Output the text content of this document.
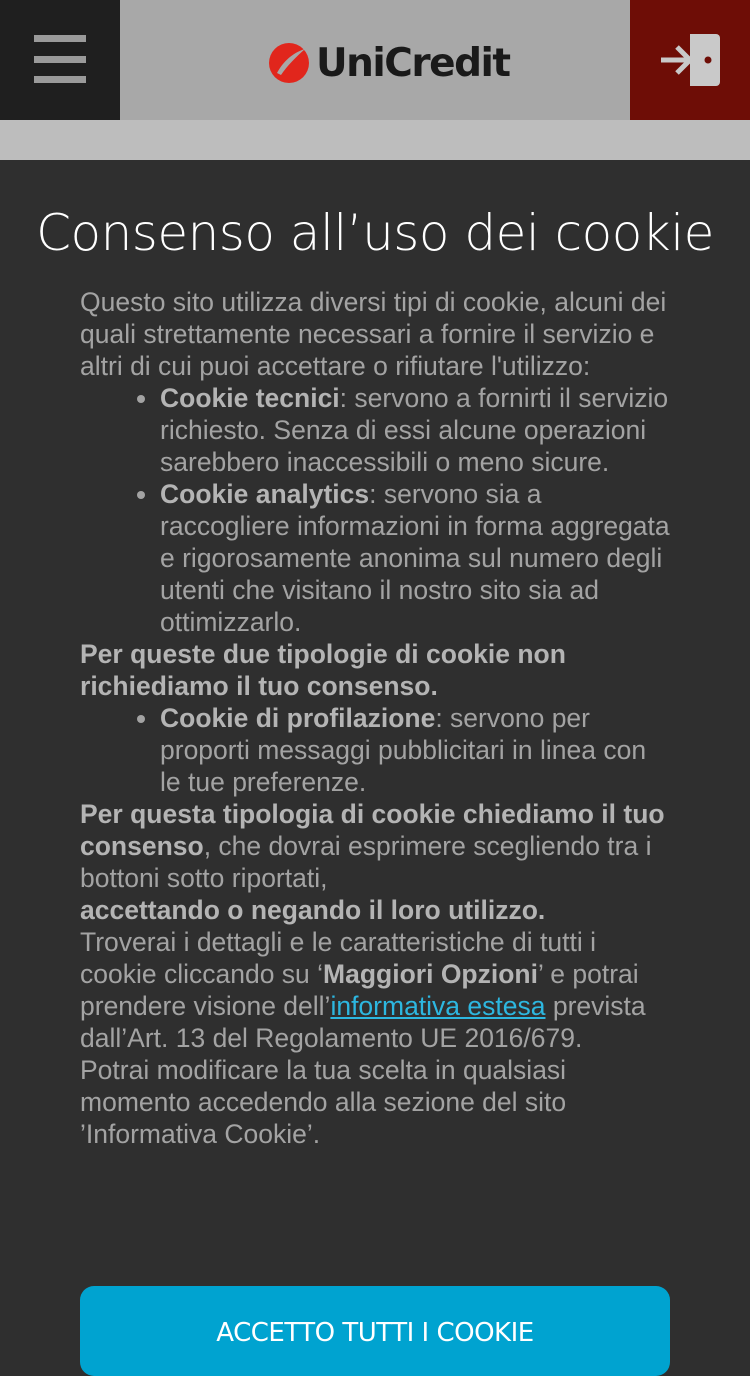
UniCredit
Consenso all’uso dei cookie

Questo sito utilizza diversi tipi di cookie, alcuni dei quali strettamente necessari a fornire il servizio e altri di cui puoi accettare o rifiutare l'utilizzo:

• Cookie tecnici: servono a fornirti il servizio richiesto. Senza di essi alcune operazioni sarebbero inaccessibili o meno sicure.
• Cookie analytics: servono sia a raccogliere informazioni in forma aggregata e rigorosamente anonima sul numero degli utenti che visitano il nostro sito sia ad ottimizzarlo.

Per queste due tipologie di cookie non richiediamo il tuo consenso.

• Cookie di profilazione: servono per proporti messaggi pubblicitari in linea con le tue preferenze.

Per questa tipologia di cookie chiediamo il tuo consenso, che dovrai esprimere scegliendo tra i bottoni sotto riportati,
accettando o negando il loro utilizzo.
Troverai i dettagli e le caratteristiche di tutti i cookie cliccando su ‘Maggiori Opzioni’ e potrai prendere visione dell’informativa estesa prevista dall’Art. 13 del Regolamento UE 2016/679.

Potrai modificare la tua scelta in qualsiasi momento accedendo alla sezione del sito ’Informativa Cookie’.

ACCETTO TUTTI I COOKIE
